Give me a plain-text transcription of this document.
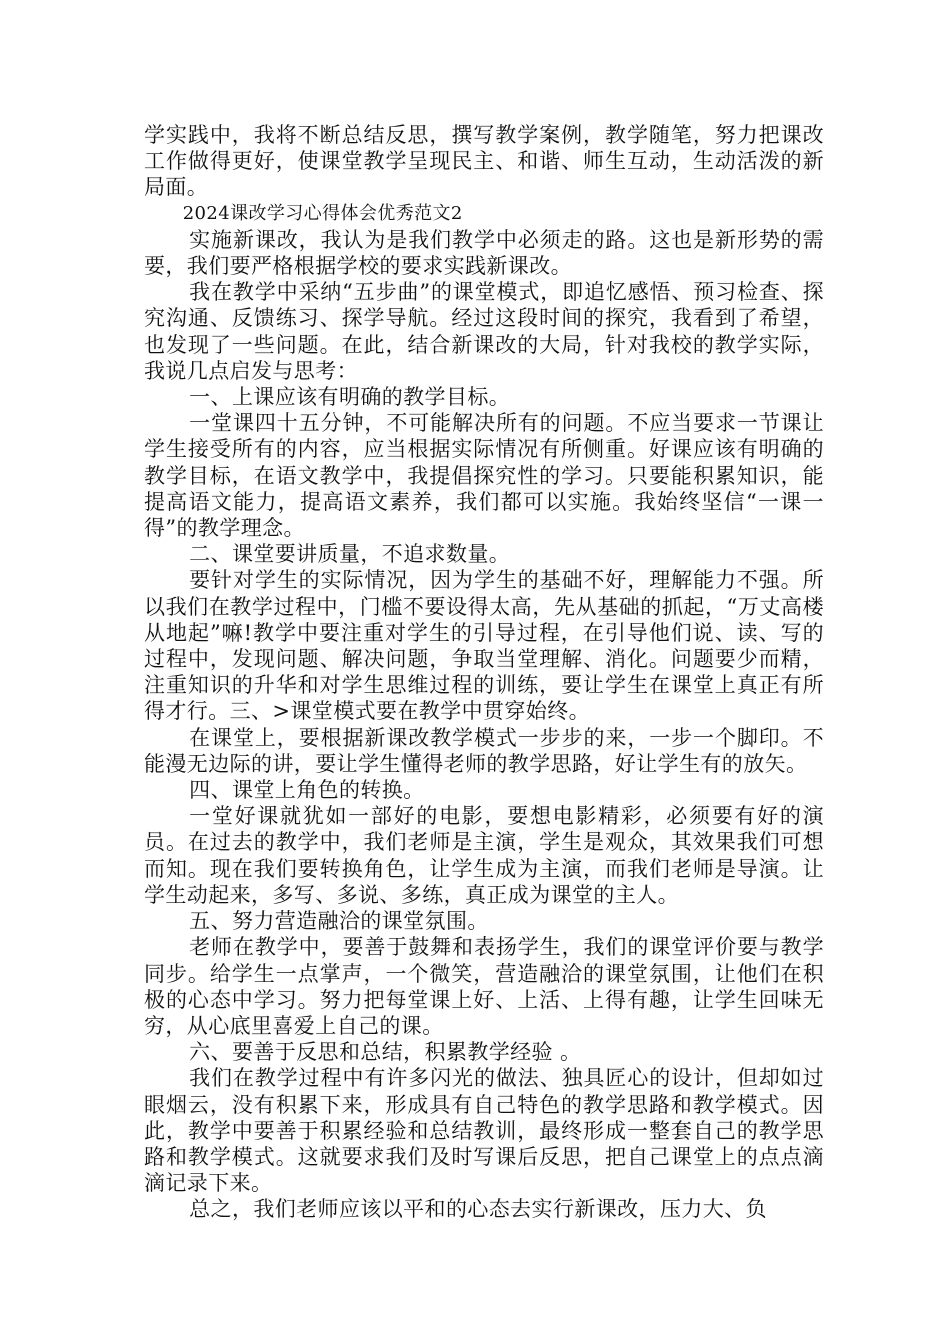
学实践中，我将不断总结反思，撰写教学案例，教学随笔，努力把课改工作做得更好，使课堂教学呈现民主、和谐、师生互动，生动活泼的新局面。

2024课改学习心得体会优秀范文2

实施新课改，我认为是我们教学中必须走的路。这也是新形势的需要，我们要严格根据学校的要求实践新课改。

我在教学中采纳“五步曲”的课堂模式，即追忆感悟、预习检查、探究沟通、反馈练习、探学导航。经过这段时间的探究，我看到了希望，也发现了一些问题。在此，结合新课改的大局，针对我校的教学实际，我说几点启发与思考：

一、上课应该有明确的教学目标。

一堂课四十五分钟，不可能解决所有的问题。不应当要求一节课让学生接受所有的内容，应当根据实际情况有所侧重。好课应该有明确的教学目标，在语文教学中，我提倡探究性的学习。只要能积累知识，能提高语文能力，提高语文素养，我们都可以实施。我始终坚信“一课一得”的教学理念。

二、课堂要讲质量，不追求数量。

要针对学生的实际情况，因为学生的基础不好，理解能力不强。所以我们在教学过程中，门槛不要设得太高，先从基础的抓起，“万丈高楼从地起”嘛!教学中要注重对学生的引导过程，在引导他们说、读、写的过程中，发现问题、解决问题，争取当堂理解、消化。问题要少而精，注重知识的升华和对学生思维过程的训练，要让学生在课堂上真正有所得才行。三、>课堂模式要在教学中贯穿始终。

在课堂上，要根据新课改教学模式一步步的来，一步一个脚印。不能漫无边际的讲，要让学生懂得老师的教学思路，好让学生有的放矢。

四、课堂上角色的转换。

一堂好课就犹如一部好的电影，要想电影精彩，必须要有好的演员。在过去的教学中，我们老师是主演，学生是观众，其效果我们可想而知。现在我们要转换角色，让学生成为主演，而我们老师是导演。让学生动起来，多写、多说、多练，真正成为课堂的主人。

五、努力营造融洽的课堂氛围。

老师在教学中，要善于鼓舞和表扬学生，我们的课堂评价要与教学同步。给学生一点掌声，一个微笑，营造融洽的课堂氛围，让他们在积极的心态中学习。努力把每堂课上好、上活、上得有趣，让学生回味无穷，从心底里喜爱上自己的课。

六、要善于反思和总结，积累教学经验 。

我们在教学过程中有许多闪光的做法、独具匠心的设计，但却如过眼烟云，没有积累下来，形成具有自己特色的教学思路和教学模式。因此，教学中要善于积累经验和总结教训，最终形成一整套自己的教学思路和教学模式。这就要求我们及时写课后反思，把自己课堂上的点点滴滴记录下来。

总之，我们老师应该以平和的心态去实行新课改，压力大、负
